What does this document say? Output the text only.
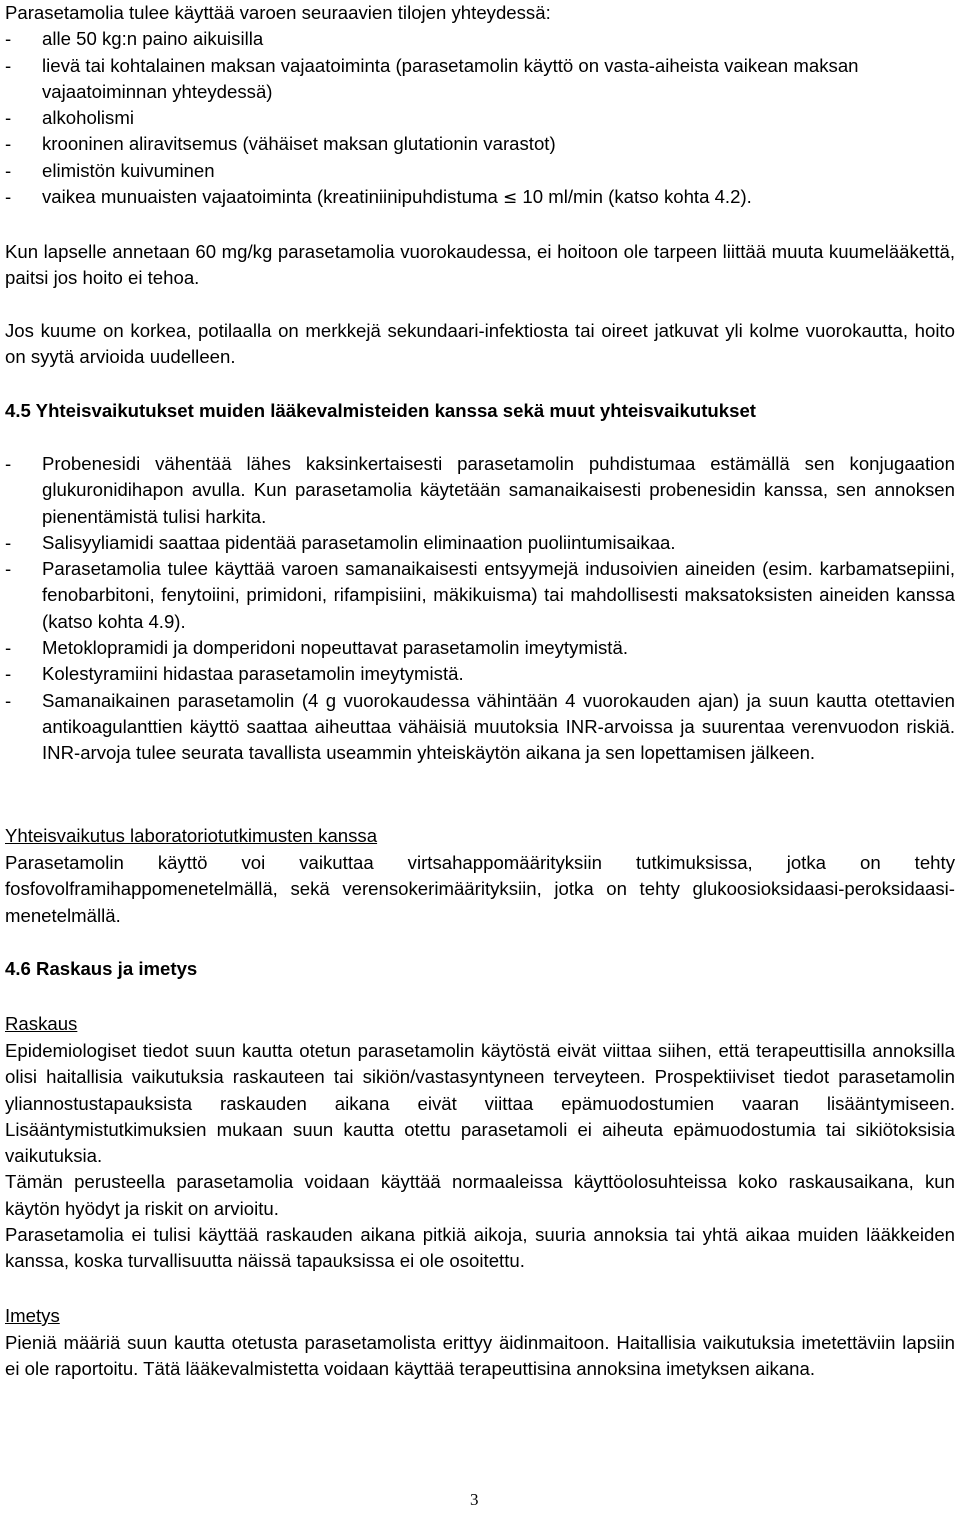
Parasetamolia tulee käyttää varoen seuraavien tilojen yhteydessä:
- alle 50 kg:n paino aikuisilla
- lievä tai kohtalainen maksan vajaatoiminta (parasetamolin käyttö on vasta-aiheista vaikean maksan vajaatoiminnan yhteydessä)
- alkoholismi
- krooninen aliravitsemus (vähäiset maksan glutationin varastot)
- elimistön kuivuminen
- vaikea munuaisten vajaatoiminta (kreatiniinipuhdistuma ≤ 10 ml/min (katso kohta 4.2).

Kun lapselle annetaan 60 mg/kg parasetamolia vuorokaudessa, ei hoitoon ole tarpeen liittää muuta kuumelääkettä, paitsi jos hoito ei tehoa.

Jos kuume on korkea, potilaalla on merkkejä sekundaari-infektiosta tai oireet jatkuvat yli kolme vuorokautta, hoito on syytä arvioida uudelleen.

4.5 Yhteisvaikutukset muiden lääkevalmisteiden kanssa sekä muut yhteisvaikutukset
- Probenesidi vähentää lähes kaksinkertaisesti parasetamolin puhdistumaa estämällä sen konjugaation glukuronidihapon avulla. Kun parasetamolia käytetään samanaikaisesti probenesidin kanssa, sen annoksen pienentämistä tulisi harkita.
- Salisyyliamidi saattaa pidentää parasetamolin eliminaation puoliintumisaikaa.
- Parasetamolia tulee käyttää varoen samanaikaisesti entsyymejä indusoivien aineiden (esim. karbamatsepiini, fenobarbitoni, fenytoiini, primidoni, rifampisiini, mäkikuisma) tai mahdollisesti maksatoksisten aineiden kanssa (katso kohta 4.9).
- Metoklopramidi ja domperidoni nopeuttavat parasetamolin imeytymistä.
- Kolestyramiini hidastaa parasetamolin imeytymistä.
- Samanaikainen parasetamolin (4 g vuorokaudessa vähintään 4 vuorokauden ajan) ja suun kautta otettavien antikoagulanttien käyttö saattaa aiheuttaa vähäisiä muutoksia INR-arvoissa ja suurentaa verenvuodon riskiä. INR-arvoja tulee seurata tavallista useammin yhteiskäytön aikana ja sen lopettamisen jälkeen.
Yhteisvaikutus laboratoriotutkimusten kanssa

Parasetamolin käyttö voi vaikuttaa virtsahappomäärityksiin tutkimuksissa, jotka on tehty fosfovolframihappomenetelmällä, sekä verensokerimäärityksiin, jotka on tehty glukoosioksidaasi-peroksidaasi-menetelmällä.

4.6 Raskaus ja imetys
Raskaus

Epidemiologiset tiedot suun kautta otetun parasetamolin käytöstä eivät viittaa siihen, että terapeuttisilla annoksilla olisi haitallisia vaikutuksia raskauteen tai sikiön/vastasyntyneen terveyteen. Prospektiiviset tiedot parasetamolin yliannostustapauksista raskauden aikana eivät viittaa epämuodostumien vaaran lisääntymiseen. Lisääntymistutkimuksien mukaan suun kautta otettu parasetamoli ei aiheuta epämuodostumia tai sikiötoksisia vaikutuksia.

Tämän perusteella parasetamolia voidaan käyttää normaaleissa käyttöolosuhteissa koko raskausaikana, kun käytön hyödyt ja riskit on arvioitu.

Parasetamolia ei tulisi käyttää raskauden aikana pitkiä aikoja, suuria annoksia tai yhtä aikaa muiden lääkkeiden kanssa, koska turvallisuutta näissä tapauksissa ei ole osoitettu.

Imetys

Pieniä määriä suun kautta otetusta parasetamolista erittyy äidinmaitoon. Haitallisia vaikutuksia imetettäviin lapsiin ei ole raportoitu. Tätä lääkevalmistetta voidaan käyttää terapeuttisina annoksina imetyksen aikana.

3
